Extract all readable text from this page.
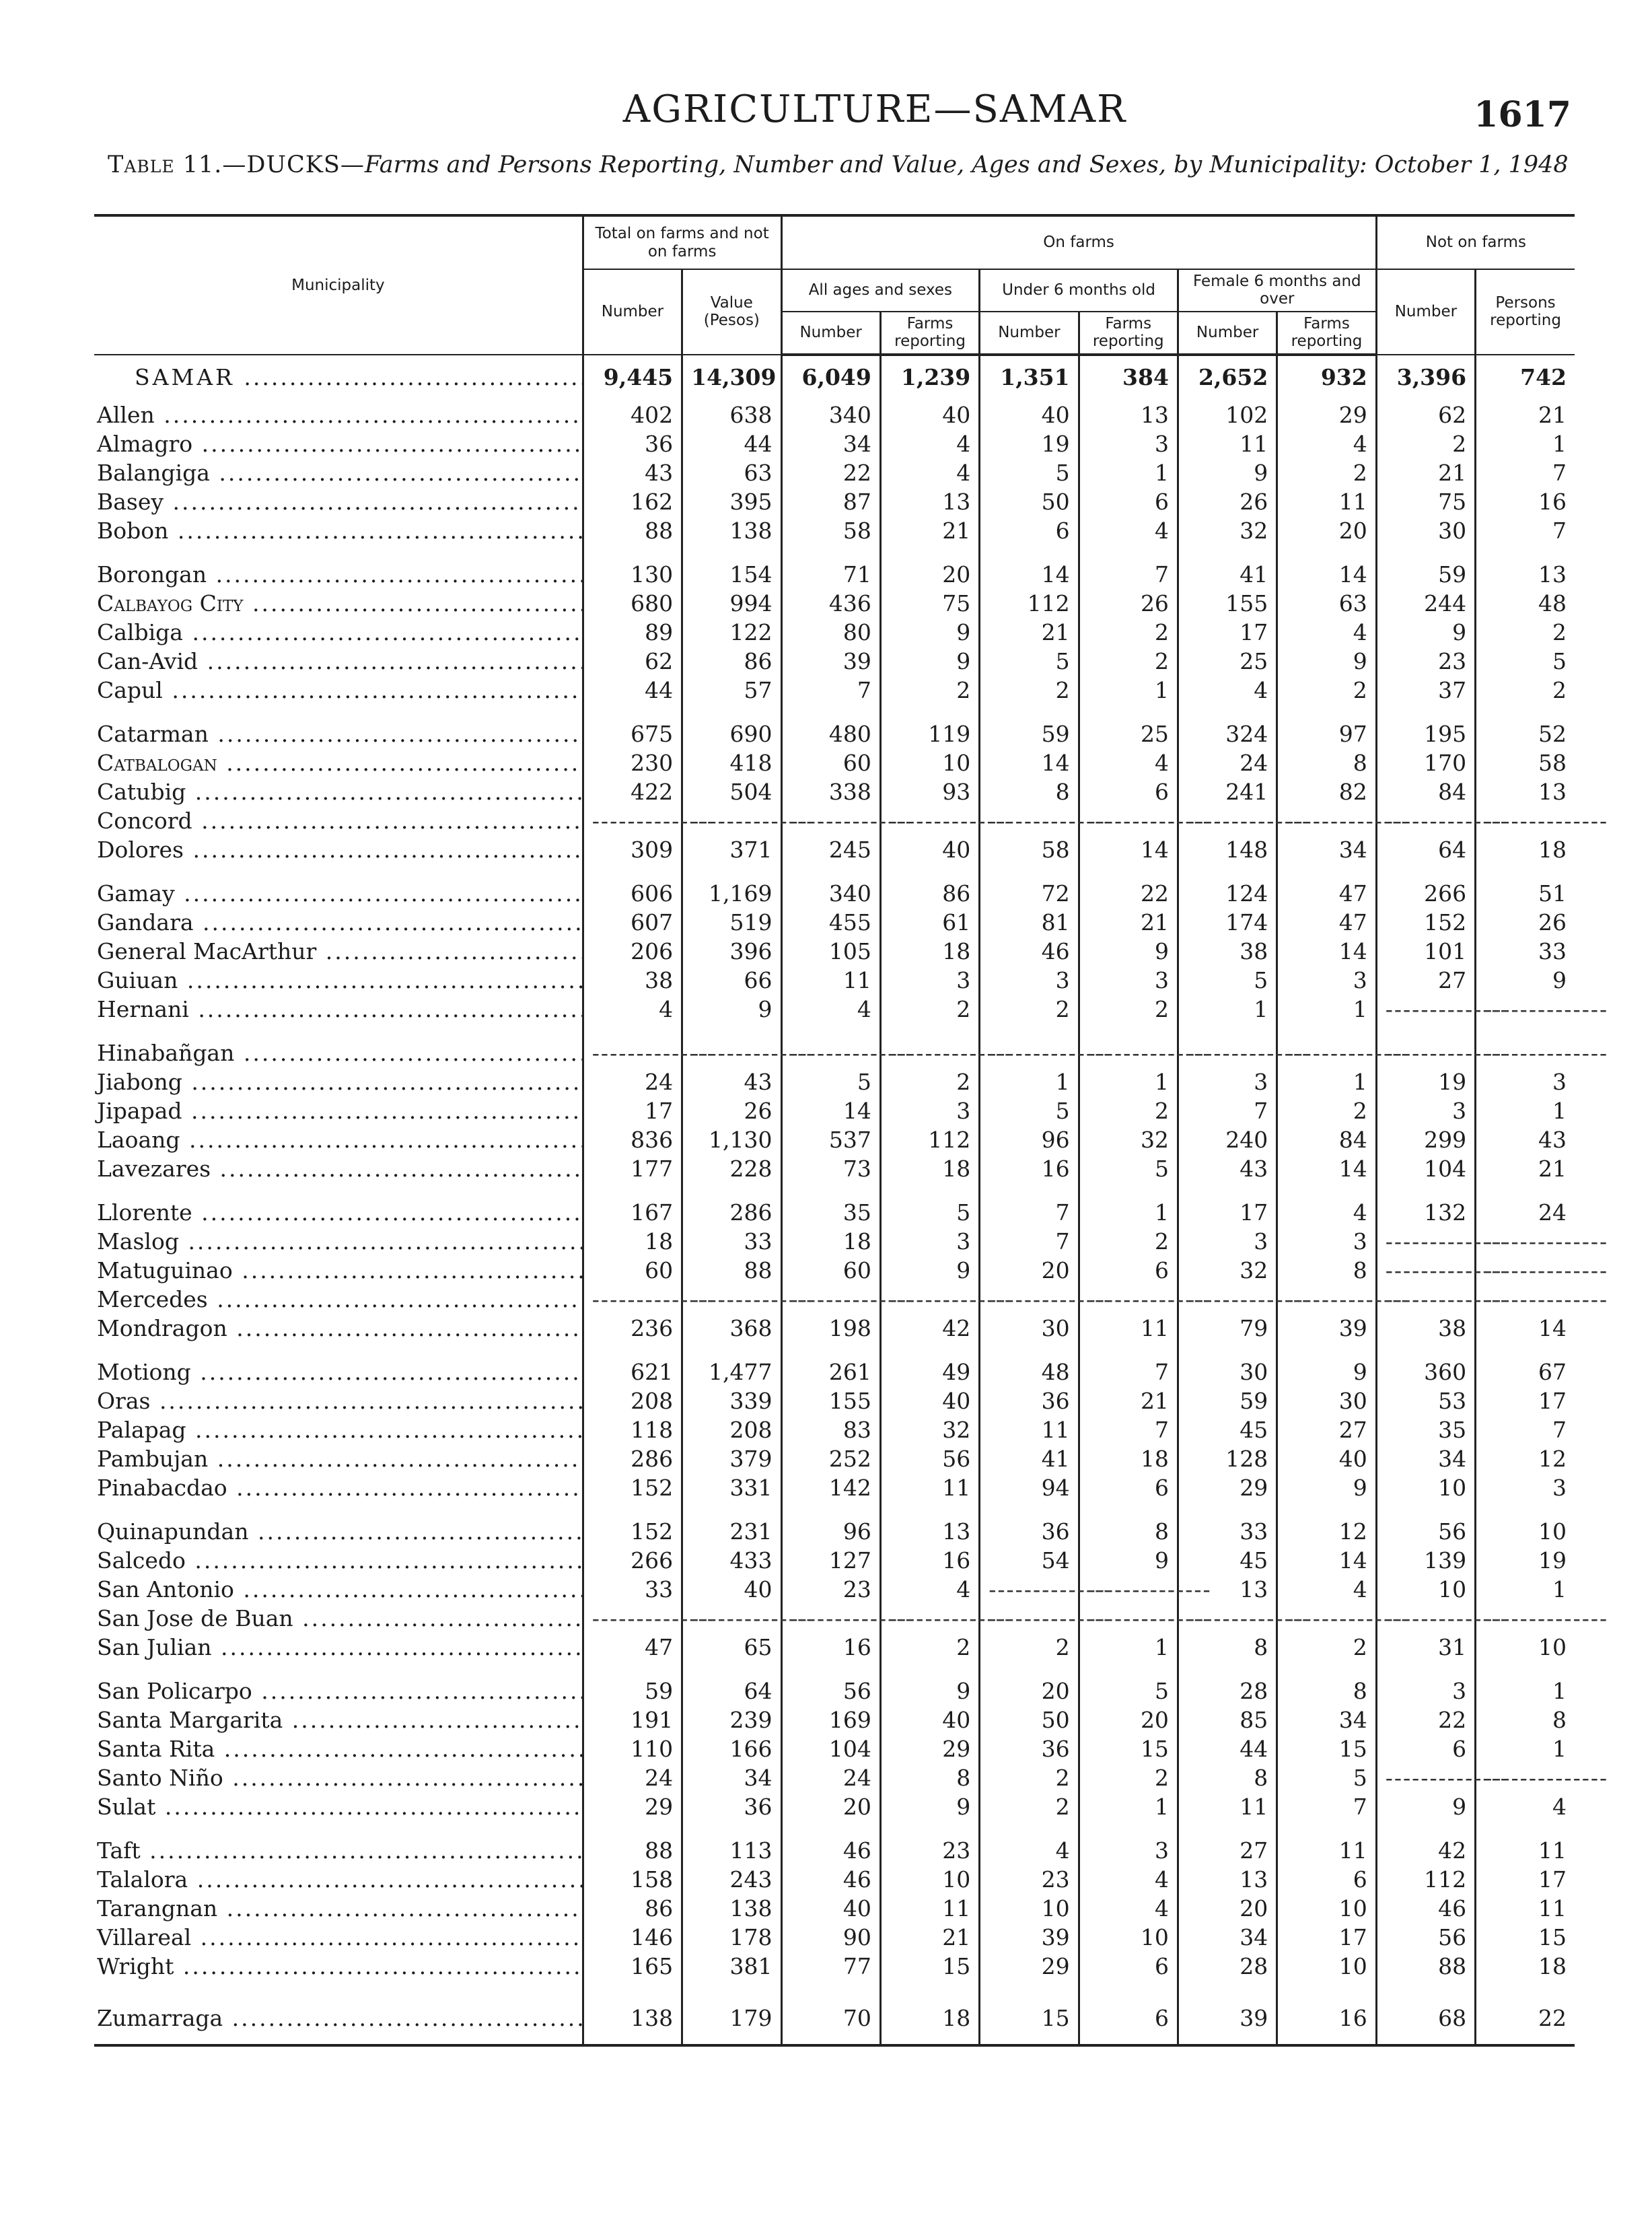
AGRICULTURE—SAMAR	1617
Table 11.—DUCKS—Farms and Persons Reporting, Number and Value, Ages and Sexes, by Municipality: October 1, 1948
Municipality	Total on farms and not on farms		On farms						Not on farms	
	Number	Value (Pesos)	All ages and sexes		Under 6 months old		Female 6 months and over		Number	Persons reporting
			Number	Farms reporting	Number	Farms reporting	Number	Farms reporting		
SAMAR .....	9,445	14,309	6,049	1,239	1,351	384	2,652	932	3,396	742
Allen .....	402	638	340	40	40	13	102	29	62	21
Almagro .....	36	44	34	4	19	3	11	4	2	1
Balangiga .....	43	63	22	4	5	1	9	2	21	7
Basey .....	162	395	87	13	50	6	26	11	75	16
Bobon .....	88	138	58	21	6	4	32	20	30	7
Borongan .....	130	154	71	20	14	7	41	14	59	13
Calbayog City .....	680	994	436	75	112	26	155	63	244	48
Calbiga .....	89	122	80	9	21	2	17	4	9	2
Can-Avid .....	62	86	39	9	5	2	25	9	23	5
Capul .....	44	57	7	2	2	1	4	2	37	2
Catarman .....	675	690	480	119	59	25	324	97	195	52
Catbalogan .....	230	418	60	10	14	4	24	8	170	58
Catubig .....	422	504	338	93	8	6	241	82	84	13
Concord .....	-----	-----	-----	-----	-----	-----	-----	-----	-----	-----
Dolores .....	309	371	245	40	58	14	148	34	64	18
Gamay .....	606	1,169	340	86	72	22	124	47	266	51
Gandara .....	607	519	455	61	81	21	174	47	152	26
General MacArthur .....	206	396	105	18	46	9	38	14	101	33
Guiuan .....	38	66	11	3	3	3	5	3	27	9
Hernani .....	4	9	4	2	2	2	1	1	-----	-----
Hinabañgan .....	-----	-----	-----	-----	-----	-----	-----	-----	-----	-----
Jiabong .....	24	43	5	2	1	1	3	1	19	3
Jipapad .....	17	26	14	3	5	2	7	2	3	1
Laoang .....	836	1,130	537	112	96	32	240	84	299	43
Lavezares .....	177	228	73	18	16	5	43	14	104	21
Llorente .....	167	286	35	5	7	1	17	4	132	24
Maslog .....	18	33	18	3	7	2	3	3	-----	-----
Matuguinao .....	60	88	60	9	20	6	32	8	-----	-----
Mercedes .....	-----	-----	-----	-----	-----	-----	-----	-----	-----	-----
Mondragon .....	236	368	198	42	30	11	79	39	38	14
Motiong .....	621	1,477	261	49	48	7	30	9	360	67
Oras .....	208	339	155	40	36	21	59	30	53	17
Palapag .....	118	208	83	32	11	7	45	27	35	7
Pambujan .....	286	379	252	56	41	18	128	40	34	12
Pinabacdao .....	152	331	142	11	94	6	29	9	10	3
Quinapundan .....	152	231	96	13	36	8	33	12	56	10
Salcedo .....	266	433	127	16	54	9	45	14	139	19
San Antonio .....	33	40	23	4	-----	-----	13	4	10	1
San Jose de Buan .....	-----	-----	-----	-----	-----	-----	-----	-----	-----	-----
San Julian .....	47	65	16	2	2	1	8	2	31	10
San Policarpo .....	59	64	56	9	20	5	28	8	3	1
Santa Margarita .....	191	239	169	40	50	20	85	34	22	8
Santa Rita .....	110	166	104	29	36	15	44	15	6	1
Santo Niño .....	24	34	24	8	2	2	8	5	-----	-----
Sulat .....	29	36	20	9	2	1	11	7	9	4
Taft .....	88	113	46	23	4	3	27	11	42	11
Talalora .....	158	243	46	10	23	4	13	6	112	17
Tarangnan .....	86	138	40	11	10	4	20	10	46	11
Villareal .....	146	178	90	21	39	10	34	17	56	15
Wright .....	165	381	77	15	29	6	28	10	88	18
Zumarraga .....	138	179	70	18	15	6	39	16	68	22
